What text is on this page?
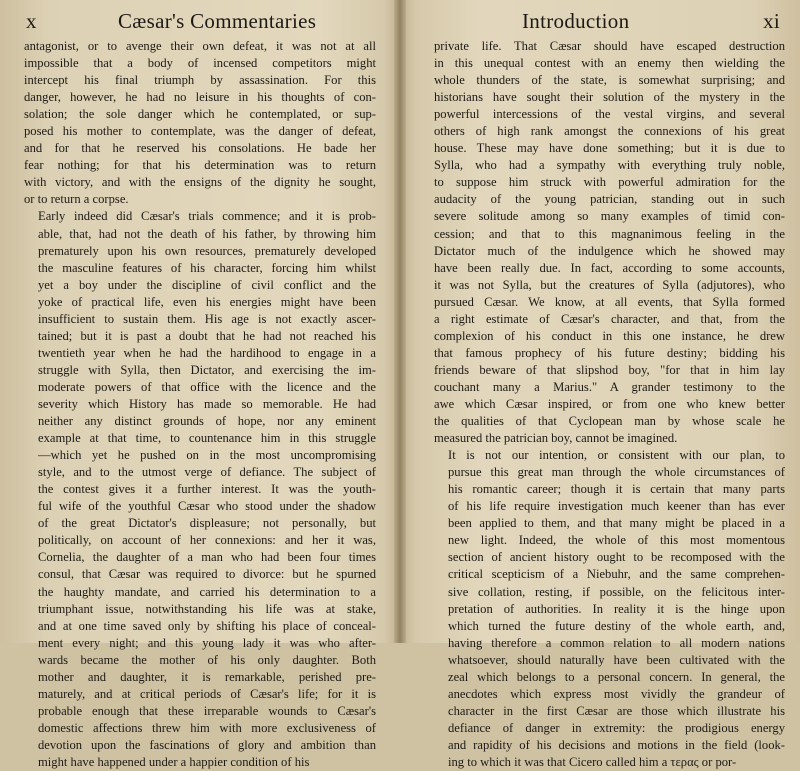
x	Cæsar's Commentaries
antagonist, or to avenge their own defeat, it was not at all
impossible that a body of incensed competitors might
intercept his final triumph by assassination. For this
danger, however, he had no leisure in his thoughts of con-
solation; the sole danger which he contemplated, or sup-
posed his mother to contemplate, was the danger of defeat,
and for that he reserved his consolations. He bade her
fear nothing; for that his determination was to return
with victory, and with the ensigns of the dignity he sought,
or to return a corpse.
Early indeed did Cæsar's trials commence; and it is prob-
able, that, had not the death of his father, by throwing him
prematurely upon his own resources, prematurely developed
the masculine features of his character, forcing him whilst
yet a boy under the discipline of civil conflict and the
yoke of practical life, even his energies might have been
insufficient to sustain them. His age is not exactly ascer-
tained; but it is past a doubt that he had not reached his
twentieth year when he had the hardihood to engage in a
struggle with Sylla, then Dictator, and exercising the im-
moderate powers of that office with the licence and the
severity which History has made so memorable. He had
neither any distinct grounds of hope, nor any eminent
example at that time, to countenance him in this struggle
—which yet he pushed on in the most uncompromising
style, and to the utmost verge of defiance. The subject of
the contest gives it a further interest. It was the youth-
ful wife of the youthful Cæsar who stood under the shadow
of the great Dictator's displeasure; not personally, but
politically, on account of her connexions: and her it was,
Cornelia, the daughter of a man who had been four times
consul, that Cæsar was required to divorce: but he spurned
the haughty mandate, and carried his determination to a
triumphant issue, notwithstanding his life was at stake,
and at one time saved only by shifting his place of conceal-
ment every night; and this young lady it was who after-
wards became the mother of his only daughter. Both
mother and daughter, it is remarkable, perished pre-
maturely, and at critical periods of Cæsar's life; for it is
probable enough that these irreparable wounds to Cæsar's
domestic affections threw him with more exclusiveness of
devotion upon the fascinations of glory and ambition than
might have happened under a happier condition of his
Introduction	xi
private life. That Cæsar should have escaped destruction
in this unequal contest with an enemy then wielding the
whole thunders of the state, is somewhat surprising; and
historians have sought their solution of the mystery in the
powerful intercessions of the vestal virgins, and several
others of high rank amongst the connexions of his great
house. These may have done something; but it is due to
Sylla, who had a sympathy with everything truly noble,
to suppose him struck with powerful admiration for the
audacity of the young patrician, standing out in such
severe solitude among so many examples of timid con-
cession; and that to this magnanimous feeling in the
Dictator much of the indulgence which he showed may
have been really due. In fact, according to some accounts,
it was not Sylla, but the creatures of Sylla (adjutores), who
pursued Cæsar. We know, at all events, that Sylla formed
a right estimate of Cæsar's character, and that, from the
complexion of his conduct in this one instance, he drew
that famous prophecy of his future destiny; bidding his
friends beware of that slipshod boy, "for that in him lay
couchant many a Marius." A grander testimony to the
awe which Cæsar inspired, or from one who knew better
the qualities of that Cyclopean man by whose scale he
measured the patrician boy, cannot be imagined.
It is not our intention, or consistent with our plan, to
pursue this great man through the whole circumstances of
his romantic career; though it is certain that many parts
of his life require investigation much keener than has ever
been applied to them, and that many might be placed in a
new light. Indeed, the whole of this most momentous
section of ancient history ought to be recomposed with the
critical scepticism of a Niebuhr, and the same comprehen-
sive collation, resting, if possible, on the felicitous inter-
pretation of authorities. In reality it is the hinge upon
which turned the future destiny of the whole earth, and,
having therefore a common relation to all modern nations
whatsoever, should naturally have been cultivated with the
zeal which belongs to a personal concern. In general, the
anecdotes which express most vividly the grandeur of
character in the first Cæsar are those which illustrate his
defiance of danger in extremity: the prodigious energy
and rapidity of his decisions and motions in the field (look-
ing to which it was that Cicero called him a τερας or por-
